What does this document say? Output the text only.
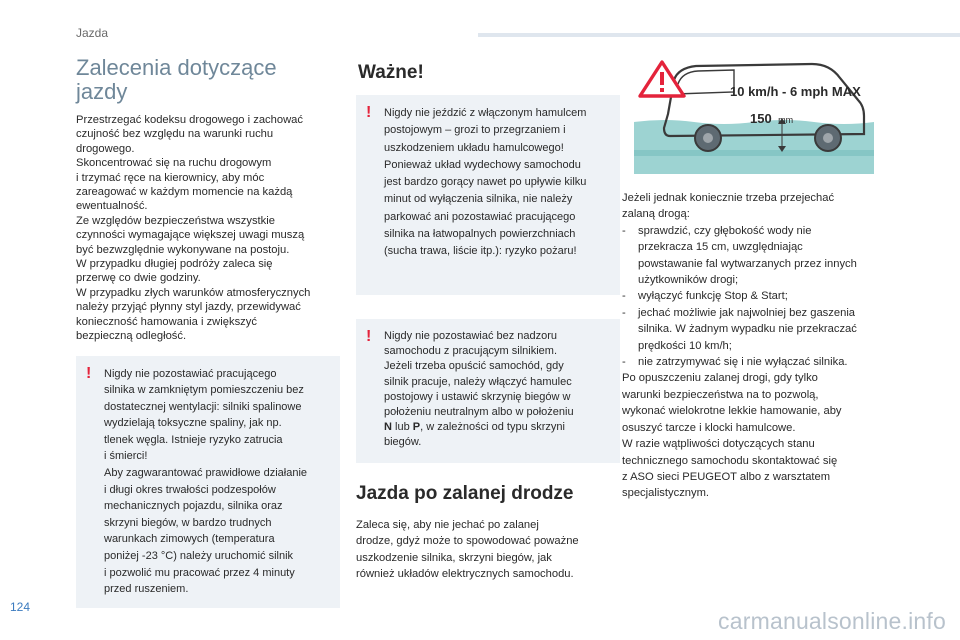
Jazda
Zalecenia dotyczące
jazdy

Przestrzegać kodeksu drogowego i zachować
czujność bez względu na warunki ruchu
drogowego.

Skoncentrować się na ruchu drogowym
i trzymać ręce na kierownicy, aby móc
zareagować w każdym momencie na każdą
ewentualność.

Ze względów bezpieczeństwa wszystkie
czynności wymagające większej uwagi muszą
być bezwzględnie wykonywane na postoju.

W przypadku długiej podróży zaleca się
przerwę co dwie godziny.

W przypadku złych warunków atmosferycznych
należy przyjąć płynny styl jazdy, przewidywać
konieczność hamowania i zwiększyć
bezpieczną odległość.

! Nigdy nie pozostawiać pracującego
silnika w zamkniętym pomieszczeniu bez
dostatecznej wentylacji: silniki spalinowe
wydzielają toksyczne spaliny, jak np.
tlenek węgla. Istnieje ryzyko zatrucia
i śmierci!
Aby zagwarantować prawidłowe działanie
i długi okres trwałości podzespołów
mechanicznych pojazdu, silnika oraz
skrzyni biegów, w bardzo trudnych
warunkach zimowych (temperatura
poniżej -23 °C) należy uruchomić silnik
i pozwolić mu pracować przez 4 minuty
przed ruszeniem.

Ważne!
! Nigdy nie jeździć z włączonym hamulcem
postojowym – grozi to przegrzaniem i
uszkodzeniem układu hamulcowego!
Ponieważ układ wydechowy samochodu
jest bardzo gorący nawet po upływie kilku
minut od wyłączenia silnika, nie należy
parkować ani pozostawiać pracującego
silnika na łatwopalnych powierzchniach
(sucha trawa, liście itp.): ryzyko pożaru!

! Nigdy nie pozostawiać bez nadzoru
samochodu z pracującym silnikiem.
Jeżeli trzeba opuścić samochód, gdy
silnik pracuje, należy włączyć hamulec
postojowy i ustawić skrzynię biegów w
położeniu neutralnym albo w położeniu
N lub P, w zależności od typu skrzyni
biegów.

Jazda po zalanej drodze
Zaleca się, aby nie jechać po zalanej
drodze, gdyż może to spowodować poważne
uszkodzenie silnika, skrzyni biegów, jak
również układów elektrycznych samochodu.
10 km/h - 6 mph MAX
150 mm

Jeżeli jednak koniecznie trzeba przejechać
zalaną drogą:

-	sprawdzić, czy głębokość wody nie
przekracza 15 cm, uwzględniając
powstawanie fal wytwarzanych przez innych
użytkowników drogi;
-	wyłączyć funkcję Stop & Start;
-	jechać możliwie jak najwolniej bez gaszenia
silnika. W żadnym wypadku nie przekraczać
prędkości 10 km/h;
-	nie zatrzymywać się i nie wyłączać silnika.

Po opuszczeniu zalanej drogi, gdy tylko
warunki bezpieczeństwa na to pozwolą,
wykonać wielokrotne lekkie hamowanie, aby
osuszyć tarcze i klocki hamulcowe.

W razie wątpliwości dotyczących stanu
technicznego samochodu skontaktować się
z ASO sieci PEUGEOT albo z warsztatem
specjalistycznym.

124
carmanualsonline.info
